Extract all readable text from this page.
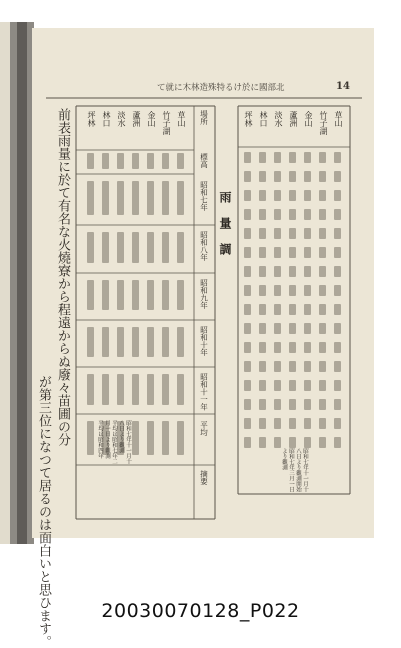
て就に木林造殊特るけ於に國部北	14
雨量調
草山
竹子湖
金山
蘆洲
淡水
林口
坪林
昭和七年十一月十八日より觀測開始 昭和七年三月一日より觀測
場所
標高
昭和七年
昭和八年
昭和九年
昭和十年
昭和十一年
平均
摘要
草山
竹子湖
金山
蘆洲
淡水
林口
坪林
昭和七年十一月十八日より觀測 平均は昭和七年二月一日より觀測 平均は昭和四年
前表雨量に於て有名な火燒寮から程遠からぬ廢々苗圃の分
が第三位になつて居るのは面白いと思ひます。	20030070128_P022
